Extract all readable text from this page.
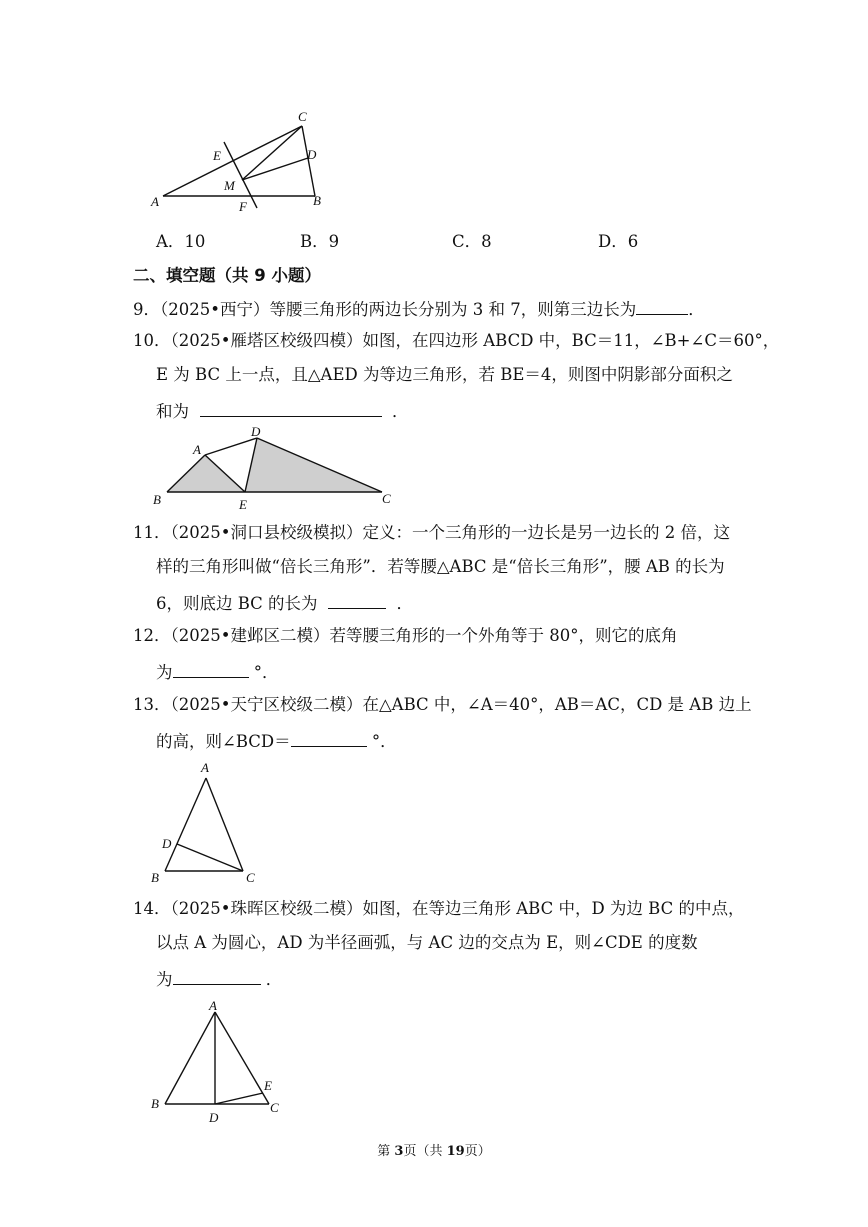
C
E	D
M
A	F	B
A．10	B．9	C．8	D．6
二、填空题（共 9 小题）
9．（2025•西宁）等腰三角形的两边长分别为 3 和 7，则第三边长为	．
10．（2025•雁塔区校级四模）如图，在四边形 ABCD 中，BC＝11，∠B+∠C＝60°，
E 为 BC 上一点，且△AED 为等边三角形，若 BE＝4，则图中阴影部分面积之
和为	．
A
D
B	E	C
11．（2025•洞口县校级模拟）定义：一个三角形的一边长是另一边长的 2 倍，这
样的三角形叫做“倍长三角形”．若等腰△ABC 是“倍长三角形”，腰 AB 的长为
6，则底边 BC 的长为	．
12．（2025•建邺区二模）若等腰三角形的一个外角等于 80°，则它的底角
为	°．
13．（2025•天宁区校级二模）在△ABC 中，∠A＝40°，AB＝AC，CD 是 AB 边上
的高，则∠BCD＝	°．
A
D
B	C
14．（2025•珠晖区校级二模）如图，在等边三角形 ABC 中，D 为边 BC 的中点，
以点 A 为圆心，AD 为半径画弧，与 AC 边的交点为 E，则∠CDE 的度数
为	．
A
E
B
D
C
第 3页（共 19页）
